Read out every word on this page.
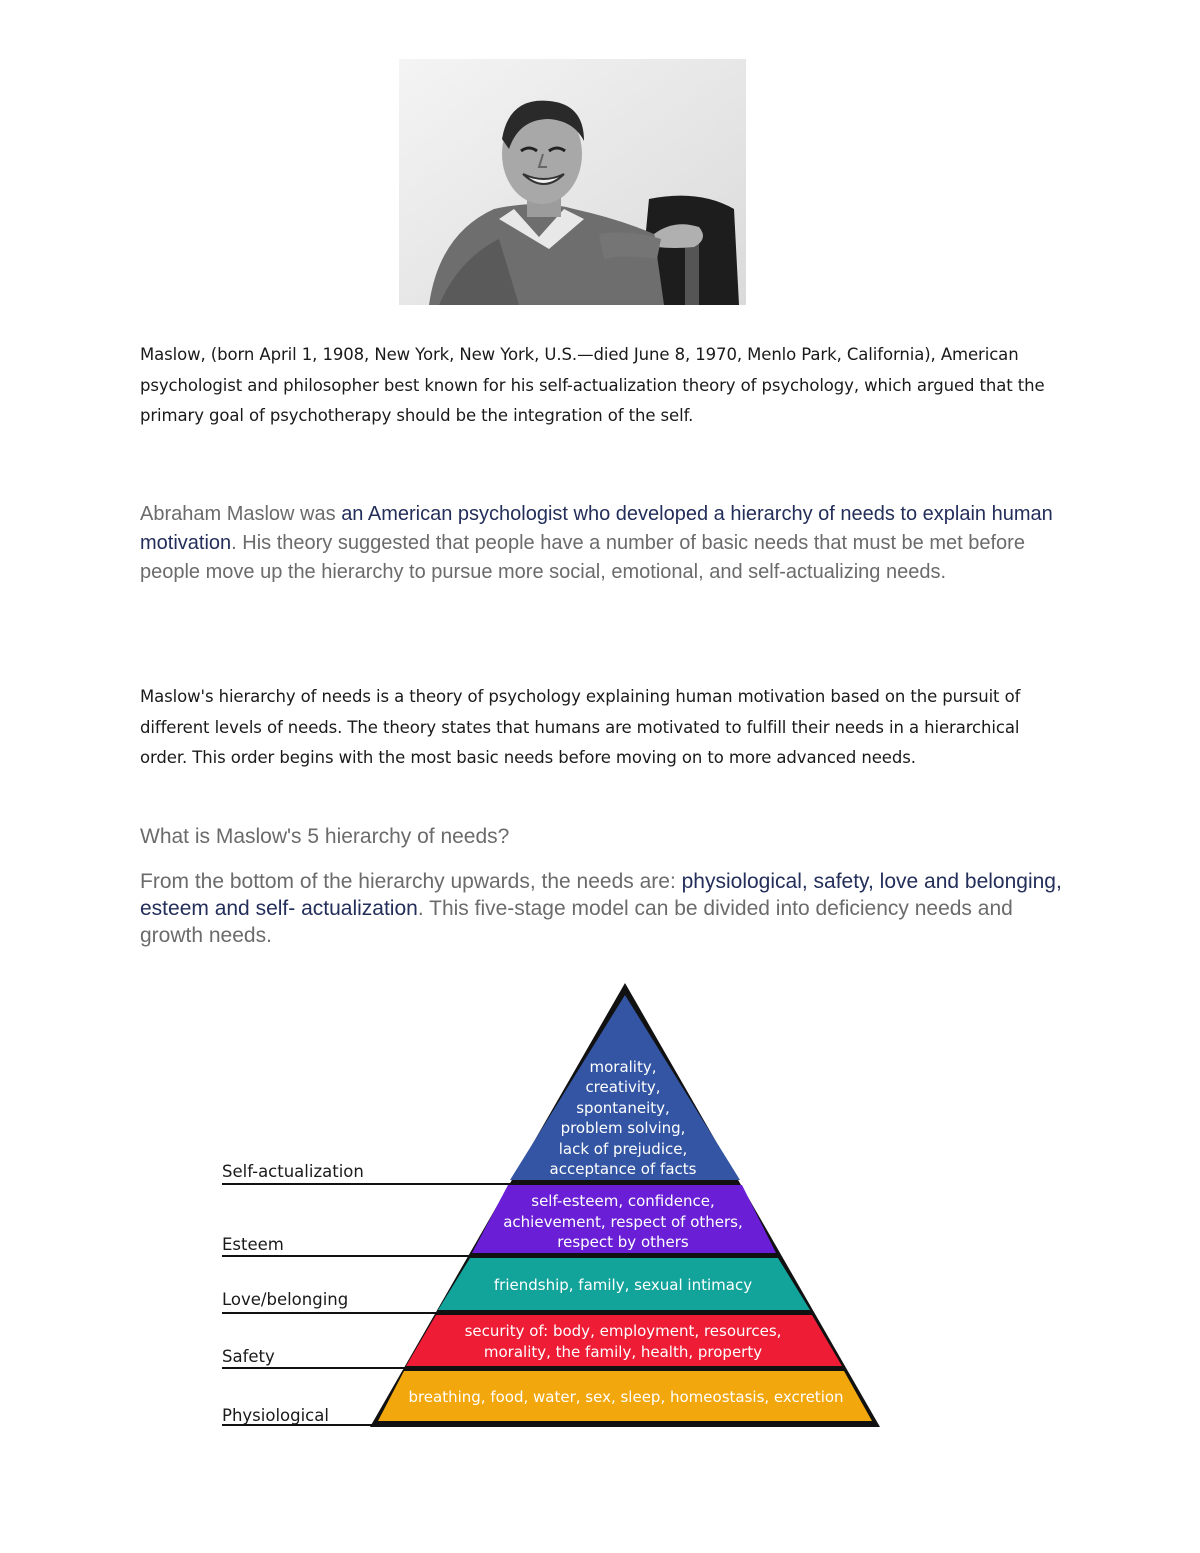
Maslow, (born April 1, 1908, New York, New York, U.S.—died June 8, 1970, Menlo Park, California), American psychologist and philosopher best known for his self-actualization theory of psychology, which argued that the primary goal of psychotherapy should be the integration of the self.
Abraham Maslow was an American psychologist who developed a hierarchy of needs to explain human motivation. His theory suggested that people have a number of basic needs that must be met before people move up the hierarchy to pursue more social, emotional, and self-actualizing needs.
Maslow's hierarchy of needs is a theory of psychology explaining human motivation based on the pursuit of different levels of needs. The theory states that humans are motivated to fulfill their needs in a hierarchical order. This order begins with the most basic needs before moving on to more advanced needs.
What is Maslow's 5 hierarchy of needs?
From the bottom of the hierarchy upwards, the needs are: physiological, safety, love and belonging, esteem and self- actualization. This five-stage model can be divided into deficiency needs and growth needs.
Self-actualization
Esteem
Love/belonging
Safety
Physiological
morality,
creativity,
spontaneity,
problem solving,
lack of prejudice,
acceptance of facts
self-esteem, confidence,
achievement, respect of others,
respect by others
friendship, family, sexual intimacy
security of: body, employment, resources,
morality, the family, health, property
breathing, food, water, sex, sleep, homeostasis, excretion
